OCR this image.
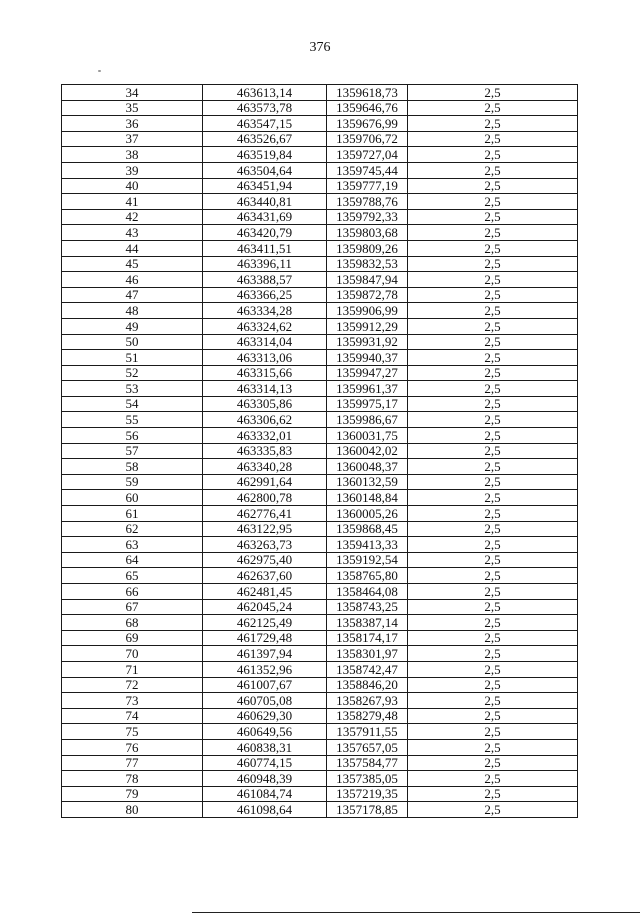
376
34	463613,14	1359618,73	2,5
35	463573,78	1359646,76	2,5
36	463547,15	1359676,99	2,5
37	463526,67	1359706,72	2,5
38	463519,84	1359727,04	2,5
39	463504,64	1359745,44	2,5
40	463451,94	1359777,19	2,5
41	463440,81	1359788,76	2,5
42	463431,69	1359792,33	2,5
43	463420,79	1359803,68	2,5
44	463411,51	1359809,26	2,5
45	463396,11	1359832,53	2,5
46	463388,57	1359847,94	2,5
47	463366,25	1359872,78	2,5
48	463334,28	1359906,99	2,5
49	463324,62	1359912,29	2,5
50	463314,04	1359931,92	2,5
51	463313,06	1359940,37	2,5
52	463315,66	1359947,27	2,5
53	463314,13	1359961,37	2,5
54	463305,86	1359975,17	2,5
55	463306,62	1359986,67	2,5
56	463332,01	1360031,75	2,5
57	463335,83	1360042,02	2,5
58	463340,28	1360048,37	2,5
59	462991,64	1360132,59	2,5
60	462800,78	1360148,84	2,5
61	462776,41	1360005,26	2,5
62	463122,95	1359868,45	2,5
63	463263,73	1359413,33	2,5
64	462975,40	1359192,54	2,5
65	462637,60	1358765,80	2,5
66	462481,45	1358464,08	2,5
67	462045,24	1358743,25	2,5
68	462125,49	1358387,14	2,5
69	461729,48	1358174,17	2,5
70	461397,94	1358301,97	2,5
71	461352,96	1358742,47	2,5
72	461007,67	1358846,20	2,5
73	460705,08	1358267,93	2,5
74	460629,30	1358279,48	2,5
75	460649,56	1357911,55	2,5
76	460838,31	1357657,05	2,5
77	460774,15	1357584,77	2,5
78	460948,39	1357385,05	2,5
79	461084,74	1357219,35	2,5
80	461098,64	1357178,85	2,5
